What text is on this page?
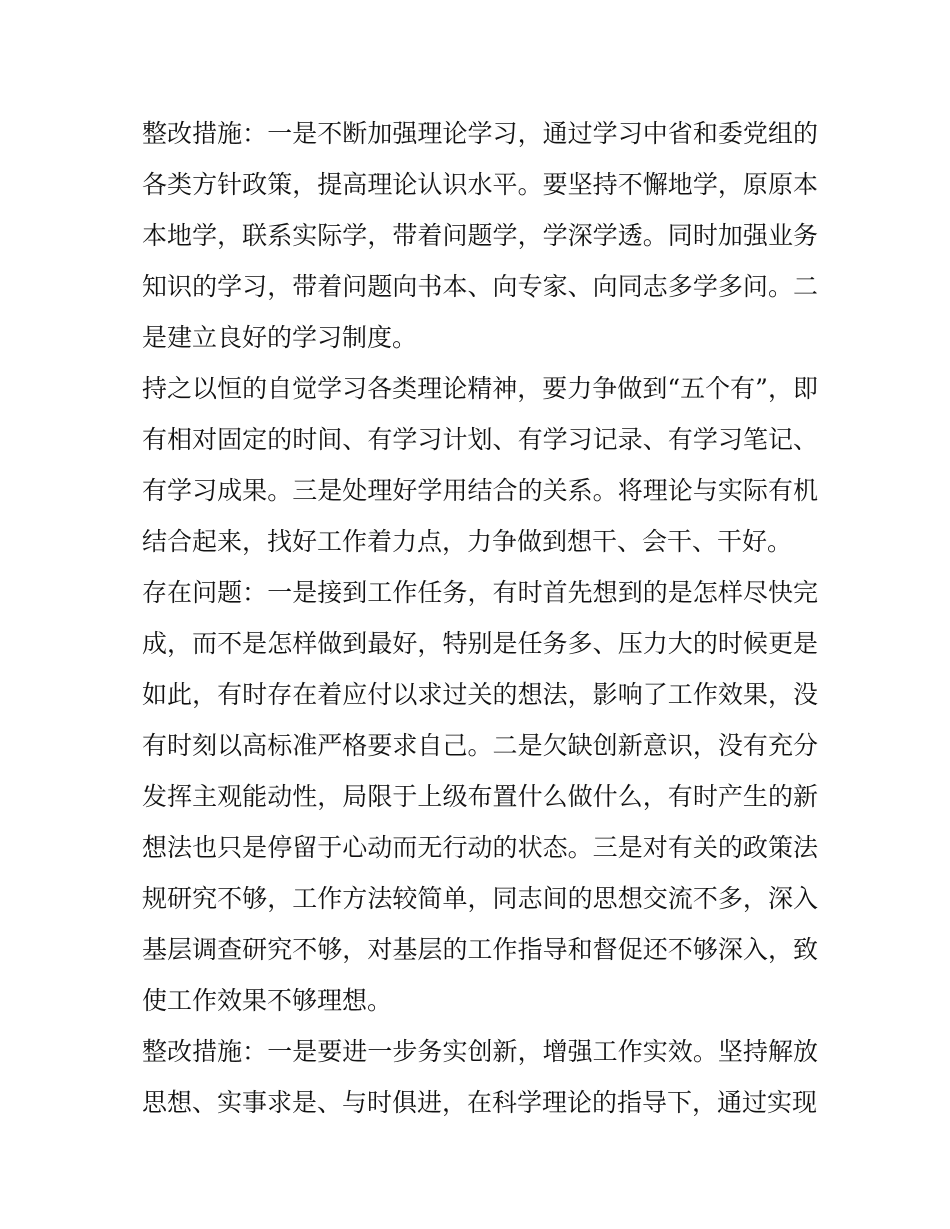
整改措施：一是不断加强理论学习，通过学习中省和委党组的各类方针政策，提高理论认识水平。要坚持不懈地学，原原本本地学，联系实际学，带着问题学，学深学透。同时加强业务知识的学习，带着问题向书本、向专家、向同志多学多问。二是建立良好的学习制度。

持之以恒的自觉学习各类理论精神，要力争做到“五个有”，即有相对固定的时间、有学习计划、有学习记录、有学习笔记、有学习成果。三是处理好学用结合的关系。将理论与实际有机结合起来，找好工作着力点，力争做到想干、会干、干好。

存在问题：一是接到工作任务，有时首先想到的是怎样尽快完成，而不是怎样做到最好，特别是任务多、压力大的时候更是如此，有时存在着应付以求过关的想法，影响了工作效果，没有时刻以高标准严格要求自己。二是欠缺创新意识，没有充分发挥主观能动性，局限于上级布置什么做什么，有时产生的新想法也只是停留于心动而无行动的状态。三是对有关的政策法规研究不够，工作方法较简单，同志间的思想交流不多，深入基层调查研究不够，对基层的工作指导和督促还不够深入，致使工作效果不够理想。

整改措施：一是要进一步务实创新，增强工作实效。坚持解放思想、实事求是、与时俱进，在科学理论的指导下，通过实现
